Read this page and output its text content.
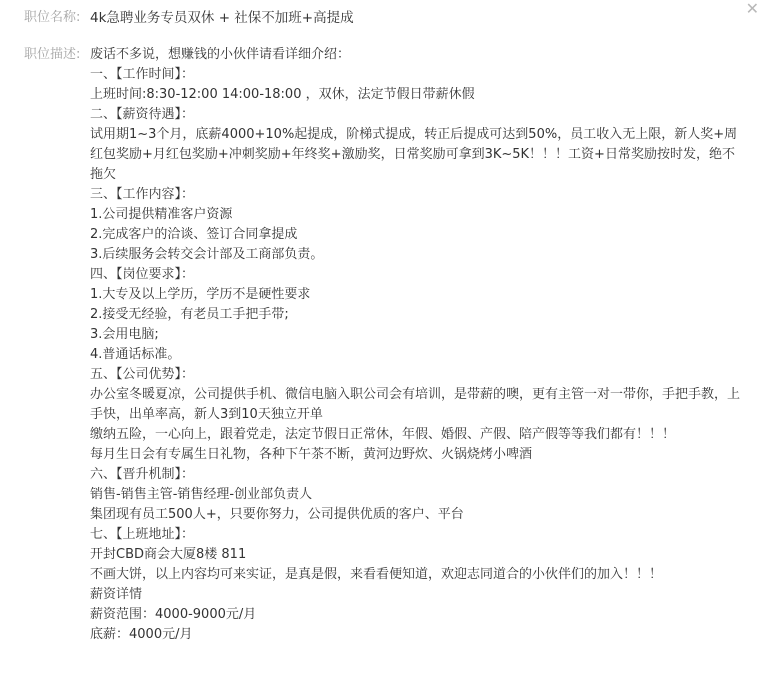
✕
职位名称: 4k急聘业务专员双休 + 社保不加班+高提成
职位描述: 废话不多说，想赚钱的小伙伴请看详细介绍：
一、【工作时间】：
上班时间:8:30-12:00 14:00-18:00 ，双休，法定节假日带薪休假
二、【薪资待遇】：
试用期1~3个月，底薪4000+10%起提成，阶梯式提成，转正后提成可达到50%，员工收入无上限，新人奖+周红包奖励+月红包奖励+冲刺奖励+年终奖+激励奖，日常奖励可拿到3K~5K！！！工资+日常奖励按时发，绝不拖欠
三、【工作内容】：
1.公司提供精准客户资源
2.完成客户的洽谈、签订合同拿提成
3.后续服务会转交会计部及工商部负责。
四、【岗位要求】：
1.大专及以上学历，学历不是硬性要求
2.接受无经验，有老员工手把手带;
3.会用电脑;
4.普通话标准。
五、【公司优势】：
办公室冬暖夏凉，公司提供手机、微信电脑入职公司会有培训，是带薪的噢，更有主管一对一带你，手把手教，上手快，出单率高，新人3到10天独立开单
缴纳五险，一心向上，跟着党走，法定节假日正常休，年假、婚假、产假、陪产假等等我们都有！！！
每月生日会有专属生日礼物，各种下午茶不断，黄河边野炊、火锅烧烤小啤酒
六、【晋升机制】：
销售-销售主管-销售经理-创业部负责人
集团现有员工500人+，只要你努力，公司提供优质的客户、平台
七、【上班地址】：
开封CBD商会大厦8楼 811
不画大饼，以上内容均可来实证，是真是假，来看看便知道，欢迎志同道合的小伙伴们的加入！！！
薪资详情
薪资范围：4000-9000元/月
底薪：4000元/月
